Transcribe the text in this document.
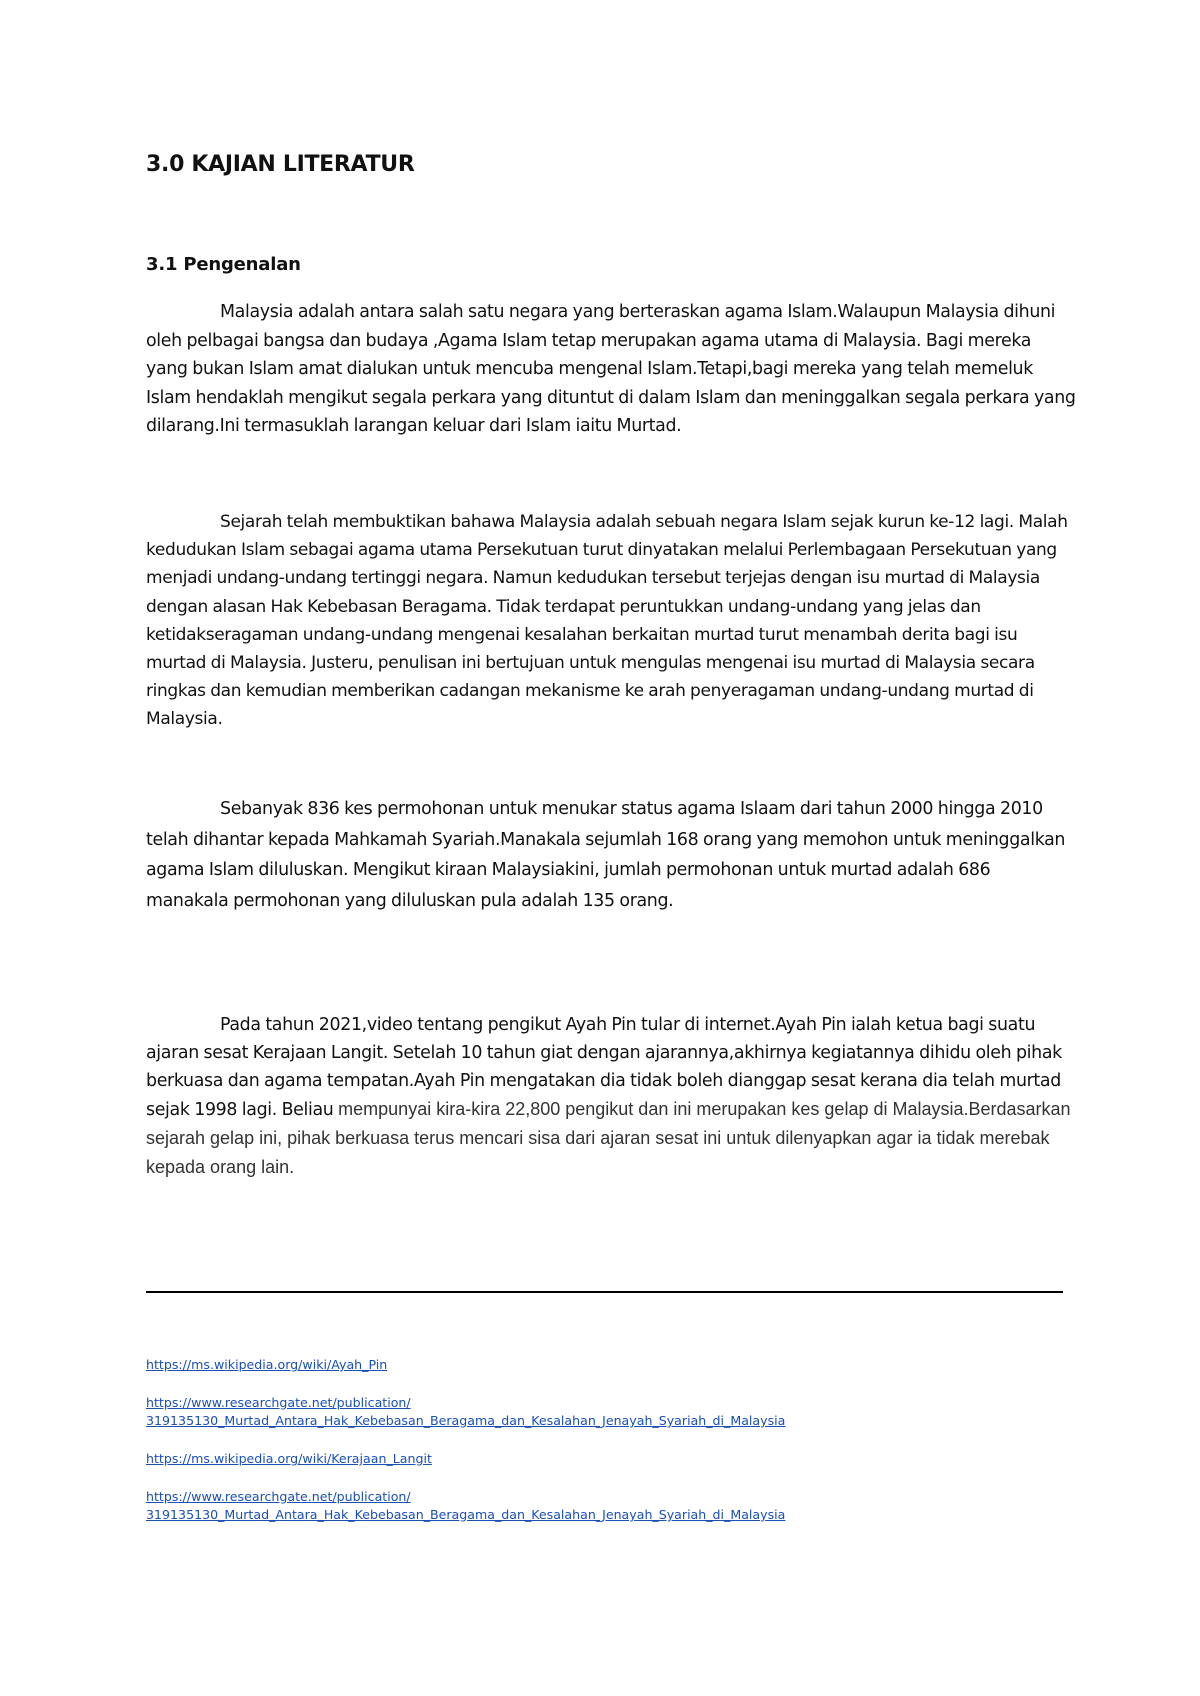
3.0 KAJIAN LITERATUR
3.1 Pengenalan

Malaysia adalah antara salah satu negara yang berteraskan agama Islam.Walaupun Malaysia dihuni oleh pelbagai bangsa dan budaya ,Agama Islam tetap merupakan agama utama di Malaysia. Bagi mereka yang bukan Islam amat dialukan untuk mencuba mengenal Islam.Tetapi,bagi mereka yang telah memeluk Islam hendaklah mengikut segala perkara yang dituntut di dalam Islam dan meninggalkan segala perkara yang dilarang.Ini termasuklah larangan keluar dari Islam iaitu Murtad.

Sejarah telah membuktikan bahawa Malaysia adalah sebuah negara Islam sejak kurun ke-12 lagi. Malah kedudukan Islam sebagai agama utama Persekutuan turut dinyatakan melalui Perlembagaan Persekutuan yang menjadi undang-undang tertinggi negara. Namun kedudukan tersebut terjejas dengan isu murtad di Malaysia dengan alasan Hak Kebebasan Beragama. Tidak terdapat peruntukkan undang-undang yang jelas dan ketidakseragaman undang-undang mengenai kesalahan berkaitan murtad turut menambah derita bagi isu murtad di Malaysia. Justeru, penulisan ini bertujuan untuk mengulas mengenai isu murtad di Malaysia secara ringkas dan kemudian memberikan cadangan mekanisme ke arah penyeragaman undang-undang murtad di Malaysia.

Sebanyak 836 kes permohonan untuk menukar status agama Islaam dari tahun 2000 hingga 2010 telah dihantar kepada Mahkamah Syariah.Manakala sejumlah 168 orang yang memohon untuk meninggalkan agama Islam diluluskan. Mengikut kiraan Malaysiakini, jumlah permohonan untuk murtad adalah 686 manakala permohonan yang diluluskan pula adalah 135 orang.

Pada tahun 2021,video tentang pengikut Ayah Pin tular di internet.Ayah Pin ialah ketua bagi suatu ajaran sesat Kerajaan Langit. Setelah 10 tahun giat dengan ajarannya,akhirnya kegiatannya dihidu oleh pihak berkuasa dan agama tempatan.Ayah Pin mengatakan dia tidak boleh dianggap sesat kerana dia telah murtad sejak 1998 lagi. Beliau mempunyai kira-kira 22,800 pengikut dan ini merupakan kes gelap di Malaysia.Berdasarkan sejarah gelap ini, pihak berkuasa terus mencari sisa dari ajaran sesat ini untuk dilenyapkan agar ia tidak merebak kepada orang lain.

https://ms.wikipedia.org/wiki/Ayah_Pin
https://www.researchgate.net/publication/
319135130_Murtad_Antara_Hak_Kebebasan_Beragama_dan_Kesalahan_Jenayah_Syariah_di_Malaysia
https://ms.wikipedia.org/wiki/Kerajaan_Langit
https://www.researchgate.net/publication/
319135130_Murtad_Antara_Hak_Kebebasan_Beragama_dan_Kesalahan_Jenayah_Syariah_di_Malaysia
